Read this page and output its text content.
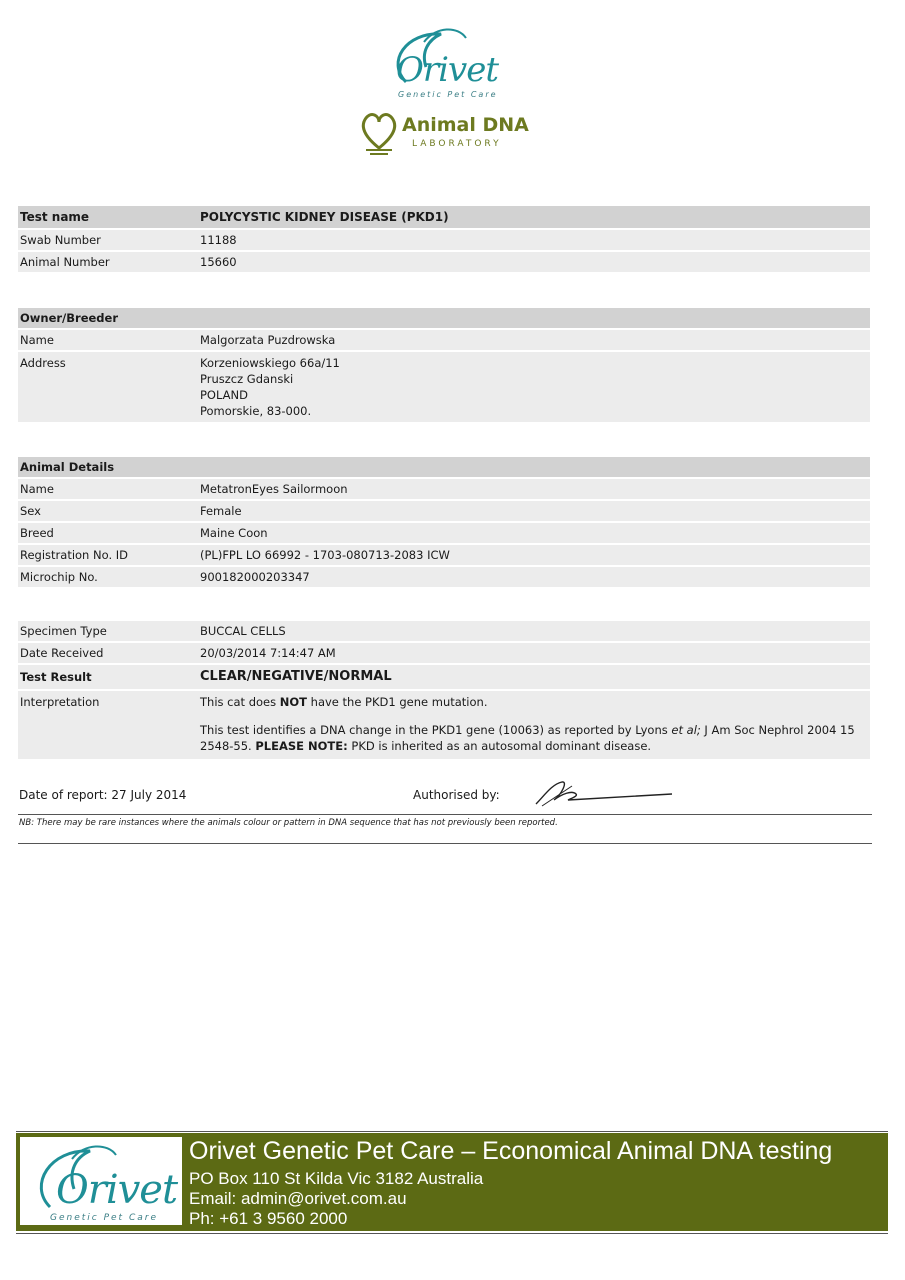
Orivet
Genetic Pet Care
Animal DNA
LABORATORY
Test name	POLYCYSTIC KIDNEY DISEASE (PKD1)
Swab Number	11188
Animal Number	15660
Owner/Breeder
Name	Malgorzata Puzdrowska
Address	Korzeniowskiego 66a/11
Pruszcz Gdanski
POLAND
Pomorskie, 83-000.
Animal Details
Name	MetatronEyes Sailormoon
Sex	Female
Breed	Maine Coon
Registration No. ID	(PL)FPL LO 66992 - 1703-080713-2083 ICW
Microchip No.	900182000203347
Specimen Type	BUCCAL CELLS
Date Received	20/03/2014 7:14:47 AM
Test Result	CLEAR/NEGATIVE/NORMAL
Interpretation	This cat does NOT have the PKD1 gene mutation.
This test identifies a DNA change in the PKD1 gene (10063) as reported by Lyons et al; J Am Soc Nephrol 2004 15 2548-55. PLEASE NOTE: PKD is inherited as an autosomal dominant disease.
Date of report: 27 July 2014	Authorised by:
NB: There may be rare instances where the animals colour or pattern in DNA sequence that has not previously been reported.
Orivet
Genetic Pet Care
Orivet Genetic Pet Care – Economical Animal DNA testing
PO Box 110 St Kilda Vic 3182 Australia
Email: admin@orivet.com.au
Ph: +61 3 9560 2000
